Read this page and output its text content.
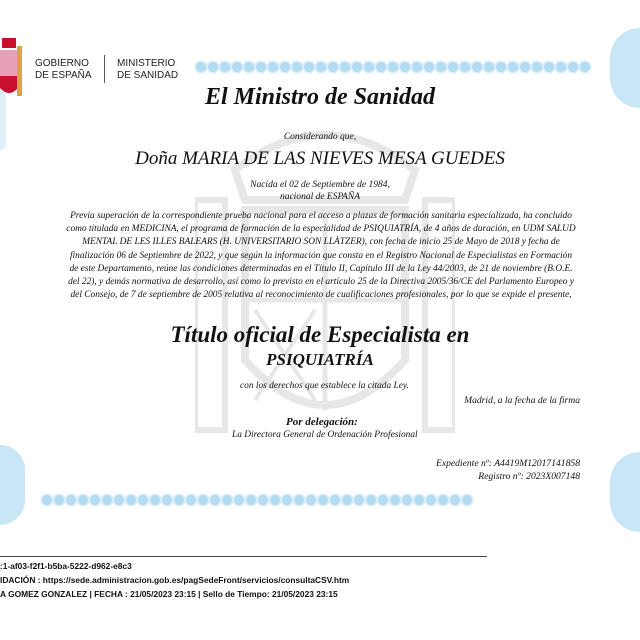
GOBIERNO
DE ESPAÑA
MINISTERIO
DE SANIDAD
El Ministro de Sanidad
Considerando que,
Doña MARIA DE LAS NIEVES MESA GUEDES
Nacida el 02 de Septiembre de 1984,
nacional de ESPAÑA
Previa superación de la correspondiente prueba nacional para el acceso a plazas de formación sanitaria especializada, ha concluido como titulada en MEDICINA, el programa de formación de la especialidad de PSIQUIATRÍA, de 4 años de duración, en UDM SALUD MENTAL DE LES ILLES BALEARS (H. UNIVERSITARIO SON LLÀTZER), con fecha de inicio 25 de Mayo de 2018 y fecha de finalización 06 de Septiembre de 2022, y que según la información que consta en el Registro Nacional de Especialistas en Formación de este Departamento, reúne las condiciones determinadas en el Título II, Capítulo III de la Ley 44/2003, de 21 de noviembre (B.O.E. del 22), y demás normativa de desarrollo, así como lo previsto en el artículo 25 de la Directiva 2005/36/CE del Parlamento Europeo y del Consejo, de 7 de septiembre de 2005 relativa al reconocimiento de cualificaciones profesionales, por lo que se expide el presente,
Título oficial de Especialista en
PSIQUIATRÍA
con los derechos que establece la citada Ley.
Madrid, a la fecha de la firma
Por delegación:
La Directora General de Ordenación Profesional
Expediente nº: A4419M12017141858
Registro nº: 2023X007148
:1-af03-f2f1-b5ba-5222-d962-e8c3
IDACIÓN : https://sede.administracion.gob.es/pagSedeFront/servicios/consultaCSV.htm
A GOMEZ GONZALEZ | FECHA : 21/05/2023 23:15 | Sello de Tiempo: 21/05/2023 23:15
